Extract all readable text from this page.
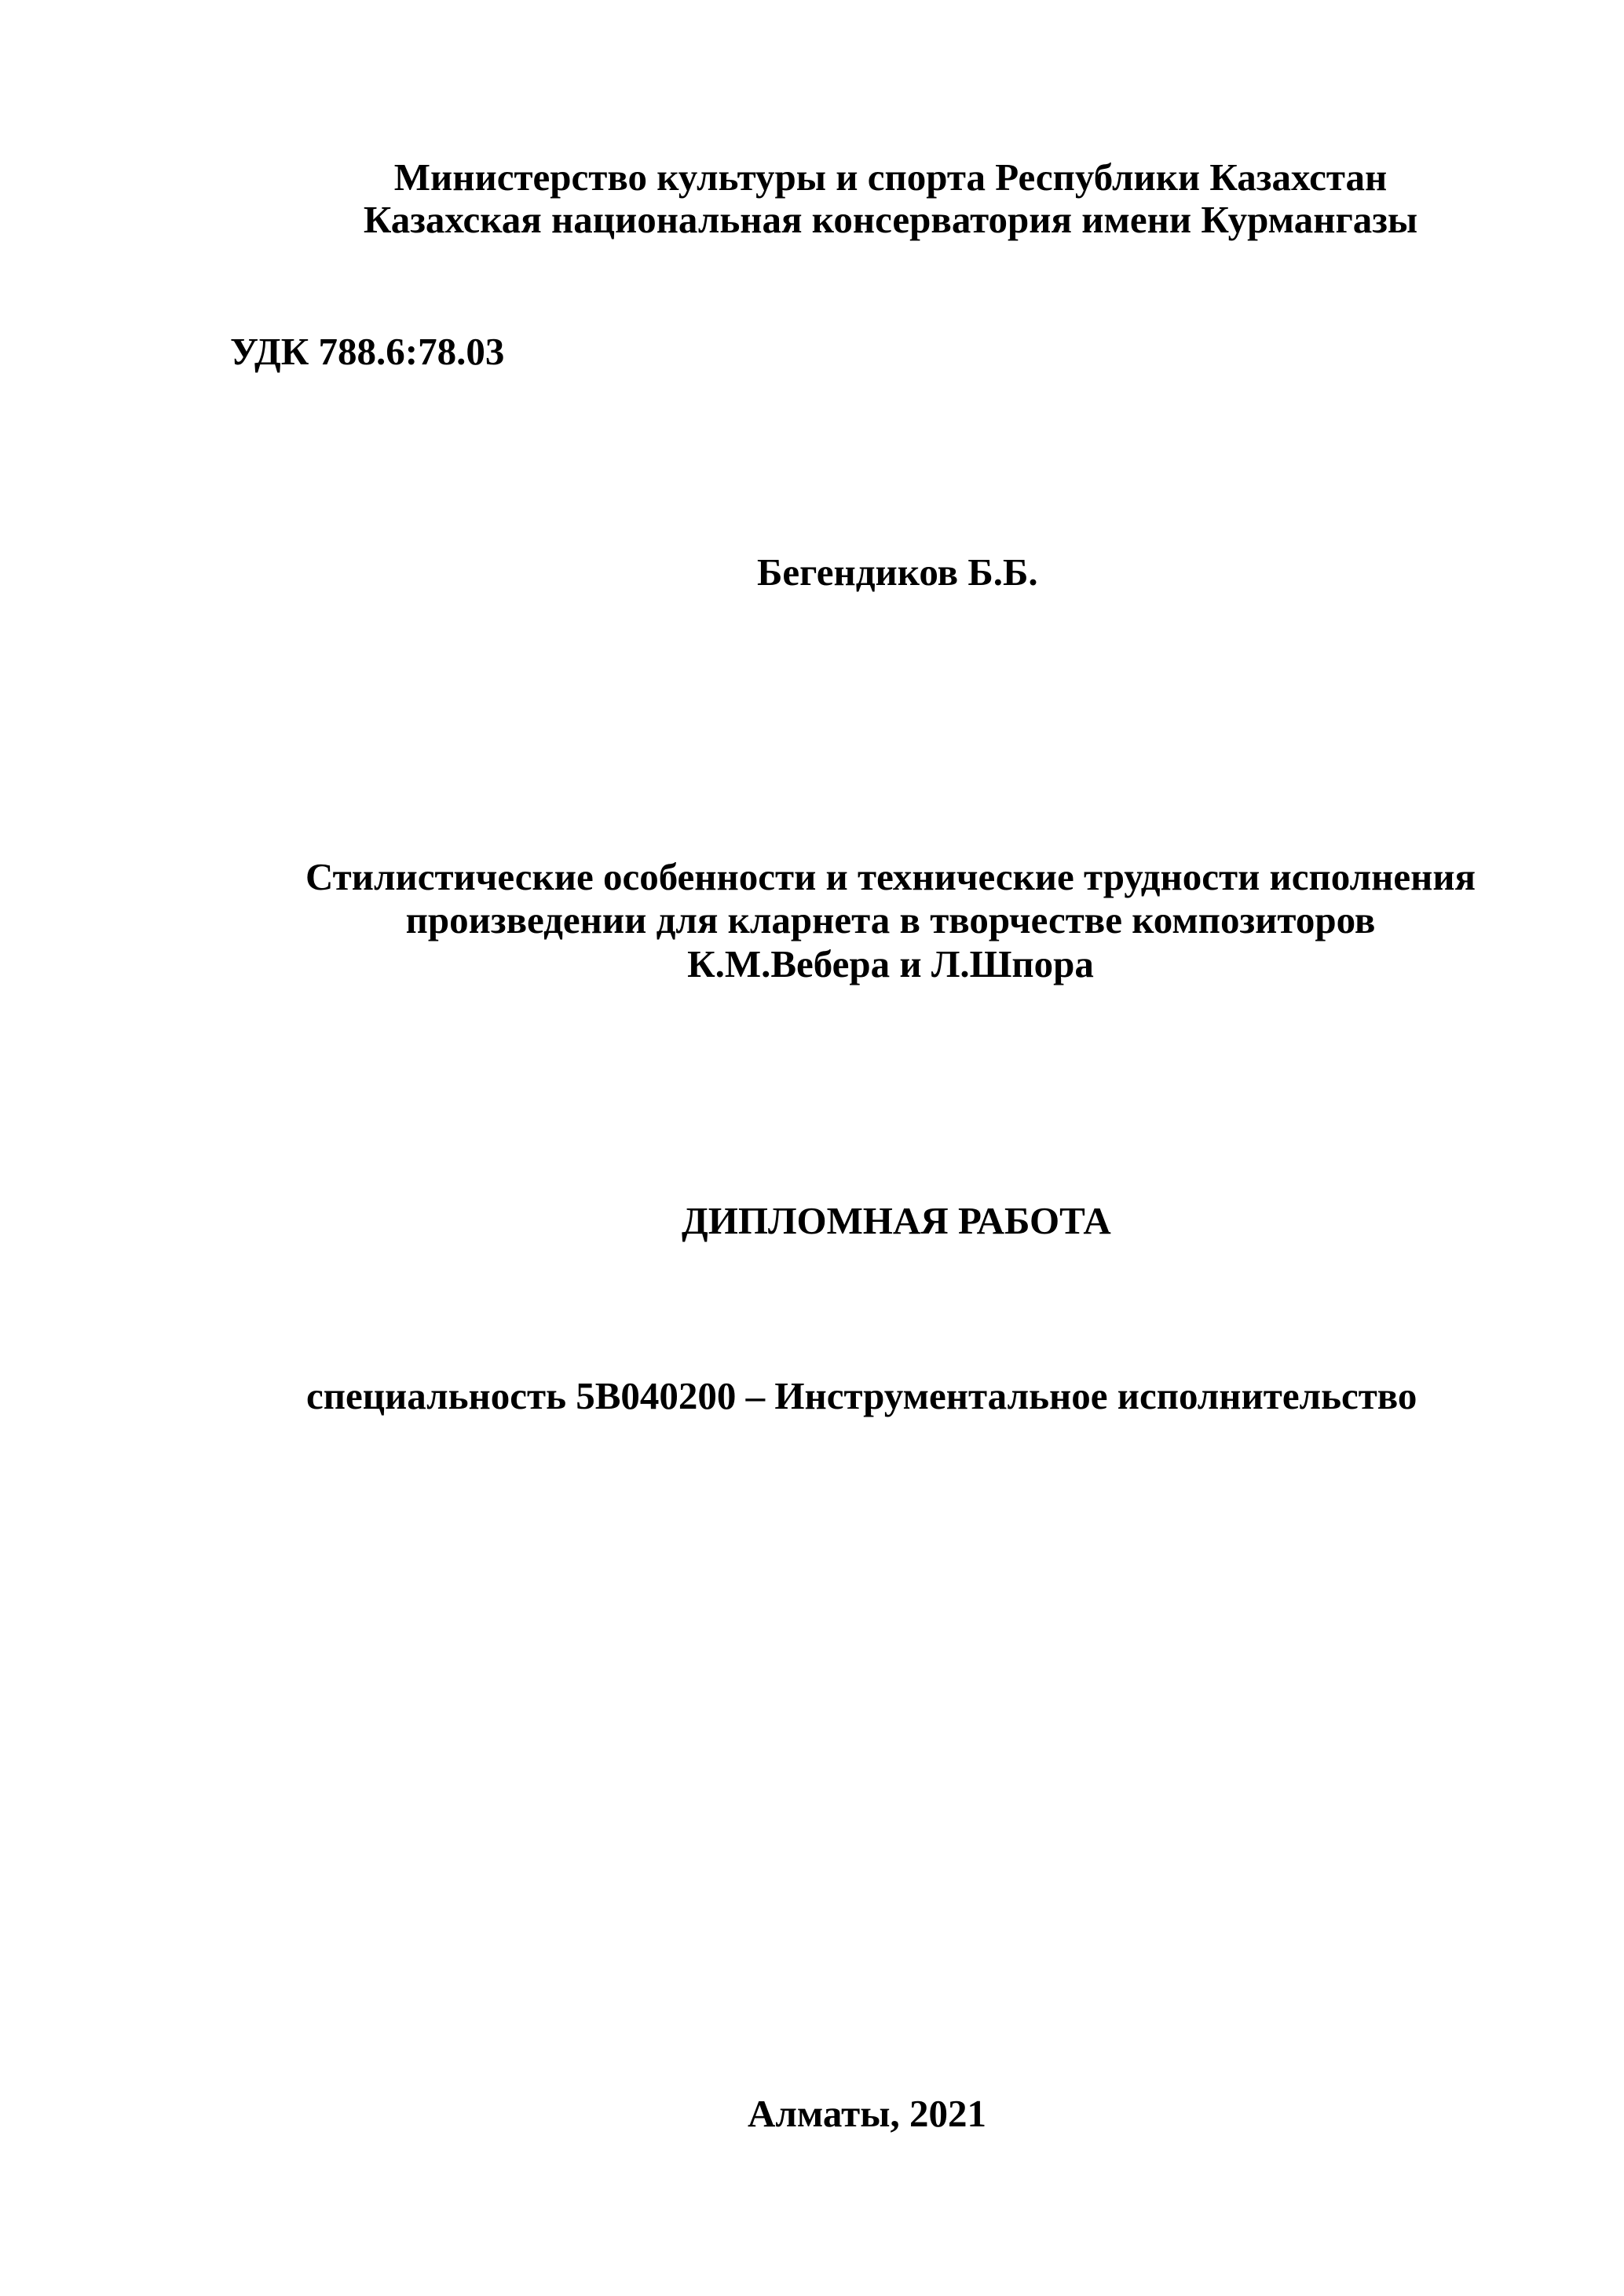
Министерство культуры и спорта Республики Казахстан

Казахская национальная консерватория имени Курмангазы

УДК 788.6:78.03

Бегендиков Б.Б.

Стилистические особенности и технические трудности исполнения

произведении для кларнета в творчестве композиторов

К.М.Вебера и Л.Шпора

ДИПЛОМНАЯ РАБОТА

специальность 5В040200 – Инструментальное исполнительство

Алматы, 2021
